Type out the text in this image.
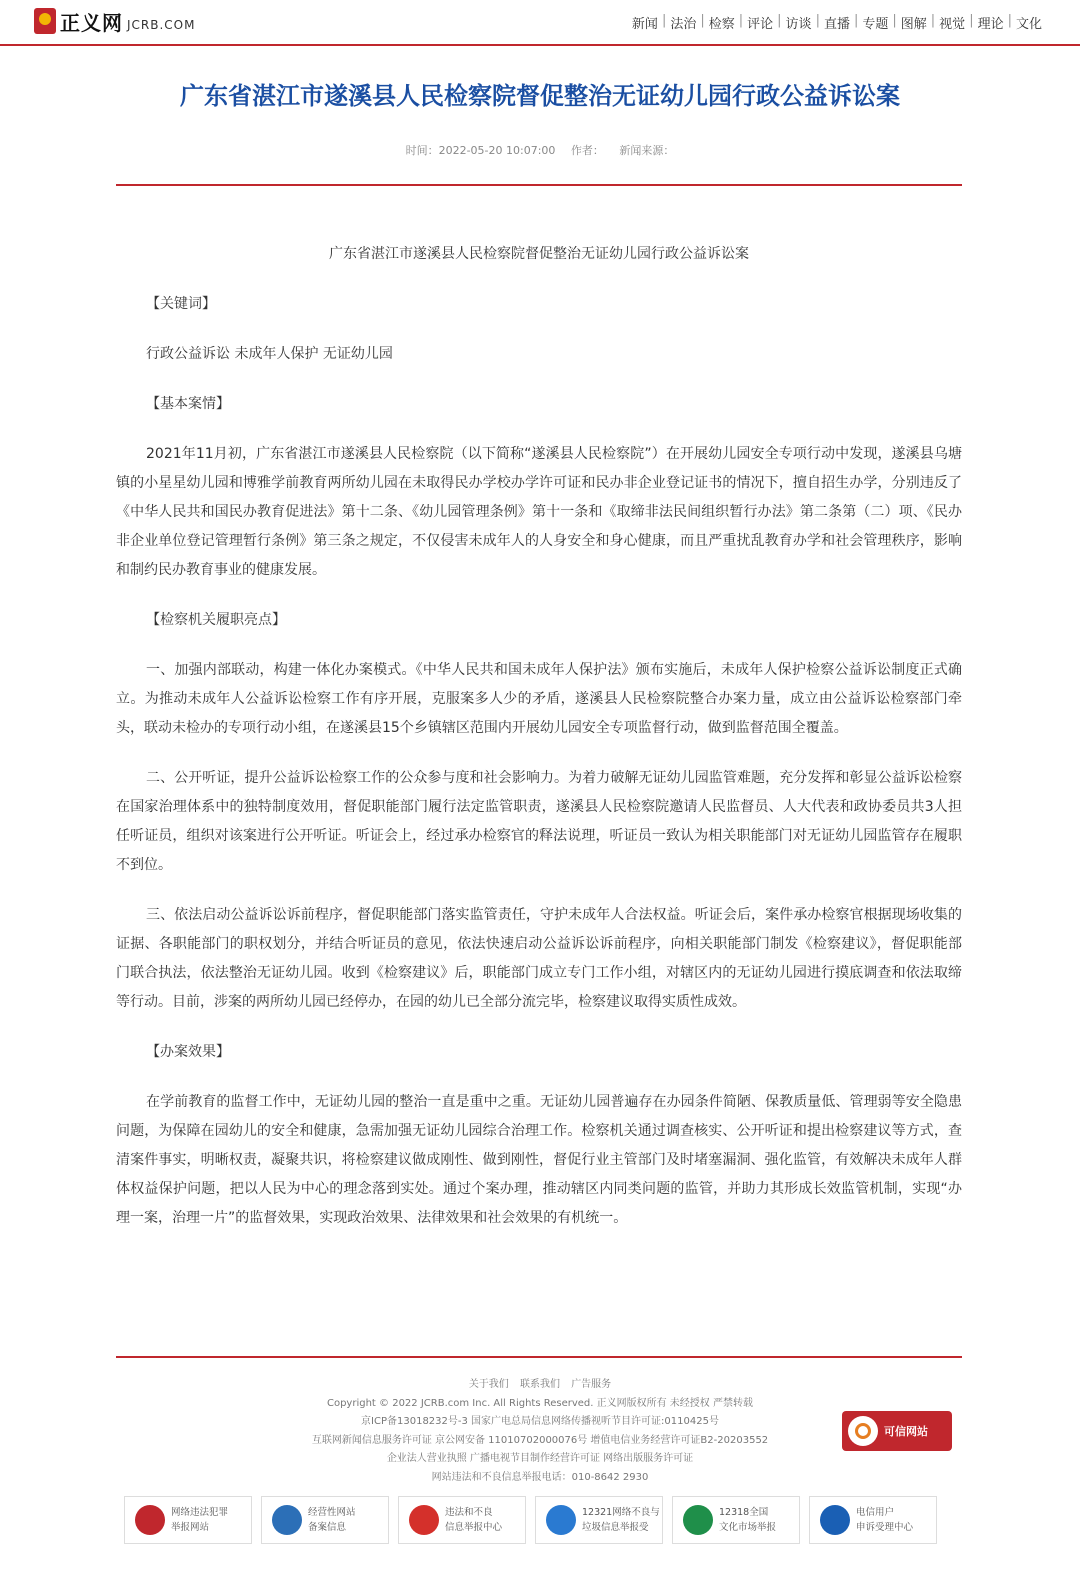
正义网 JCRB.COM	新闻 | 法治 | 检察 | 评论 | 访谈 | 直播 | 专题 | 图解 | 视觉 | 理论 | 文化
广东省湛江市遂溪县人民检察院督促整治无证幼儿园行政公益诉讼案
时间：2022-05-20 10:07:00 作者： 新闻来源：

广东省湛江市遂溪县人民检察院督促整治无证幼儿园行政公益诉讼案

【关键词】

行政公益诉讼 未成年人保护 无证幼儿园

【基本案情】

2021年11月初，广东省湛江市遂溪县人民检察院（以下简称“遂溪县人民检察院”）在开展幼儿园安全专项行动中发现，遂溪县乌塘镇的小星星幼儿园和博雅学前教育两所幼儿园在未取得民办学校办学许可证和民办非企业登记证书的情况下，擅自招生办学，分别违反了《中华人民共和国民办教育促进法》第十二条、《幼儿园管理条例》第十一条和《取缔非法民间组织暂行办法》第二条第（二）项、《民办非企业单位登记管理暂行条例》第三条之规定，不仅侵害未成年人的人身安全和身心健康，而且严重扰乱教育办学和社会管理秩序，影响和制约民办教育事业的健康发展。

【检察机关履职亮点】

一、加强内部联动，构建一体化办案模式。《中华人民共和国未成年人保护法》颁布实施后，未成年人保护检察公益诉讼制度正式确立。为推动未成年人公益诉讼检察工作有序开展，克服案多人少的矛盾，遂溪县人民检察院整合办案力量，成立由公益诉讼检察部门牵头，联动未检办的专项行动小组，在遂溪县15个乡镇辖区范围内开展幼儿园安全专项监督行动，做到监督范围全覆盖。

二、公开听证，提升公益诉讼检察工作的公众参与度和社会影响力。为着力破解无证幼儿园监管难题，充分发挥和彰显公益诉讼检察在国家治理体系中的独特制度效用，督促职能部门履行法定监管职责，遂溪县人民检察院邀请人民监督员、人大代表和政协委员共3人担任听证员，组织对该案进行公开听证。听证会上，经过承办检察官的释法说理，听证员一致认为相关职能部门对无证幼儿园监管存在履职不到位。

三、依法启动公益诉讼诉前程序，督促职能部门落实监管责任，守护未成年人合法权益。听证会后，案件承办检察官根据现场收集的证据、各职能部门的职权划分，并结合听证员的意见，依法快速启动公益诉讼诉前程序，向相关职能部门制发《检察建议》，督促职能部门联合执法，依法整治无证幼儿园。收到《检察建议》后，职能部门成立专门工作小组，对辖区内的无证幼儿园进行摸底调查和依法取缔等行动。目前，涉案的两所幼儿园已经停办，在园的幼儿已全部分流完毕，检察建议取得实质性成效。

【办案效果】

在学前教育的监督工作中，无证幼儿园的整治一直是重中之重。无证幼儿园普遍存在办园条件简陋、保教质量低、管理弱等安全隐患问题，为保障在园幼儿的安全和健康，急需加强无证幼儿园综合治理工作。检察机关通过调查核实、公开听证和提出检察建议等方式，查清案件事实，明晰权责，凝聚共识，将检察建议做成刚性、做到刚性，督促行业主管部门及时堵塞漏洞、强化监管，有效解决未成年人群体权益保护问题，把以人民为中心的理念落到实处。通过个案办理，推动辖区内同类问题的监管，并助力其形成长效监管机制，实现“办理一案，治理一片”的监督效果，实现政治效果、法律效果和社会效果的有机统一。

关于我们 联系我们 广告服务
Copyright © 2022 JCRB.com Inc. All Rights Reserved. 正义网版权所有 未经授权 严禁转载
京ICP备13018232号-3 国家广电总局信息网络传播视听节目许可证:0110425号
互联网新闻信息服务许可证 京公网安备 11010702000076号 增值电信业务经营许可证B2-20203552
企业法人营业执照 广播电视节目制作经营许可证 网络出版服务许可证
网站违法和不良信息举报电话：010-8642 2930
可信网站
网络违法犯罪
举报网站
经营性网站
备案信息
违法和不良
信息举报中心
12321网络不良与
垃圾信息举报受
12318全国
文化市场举报
电信用户
申诉受理中心
